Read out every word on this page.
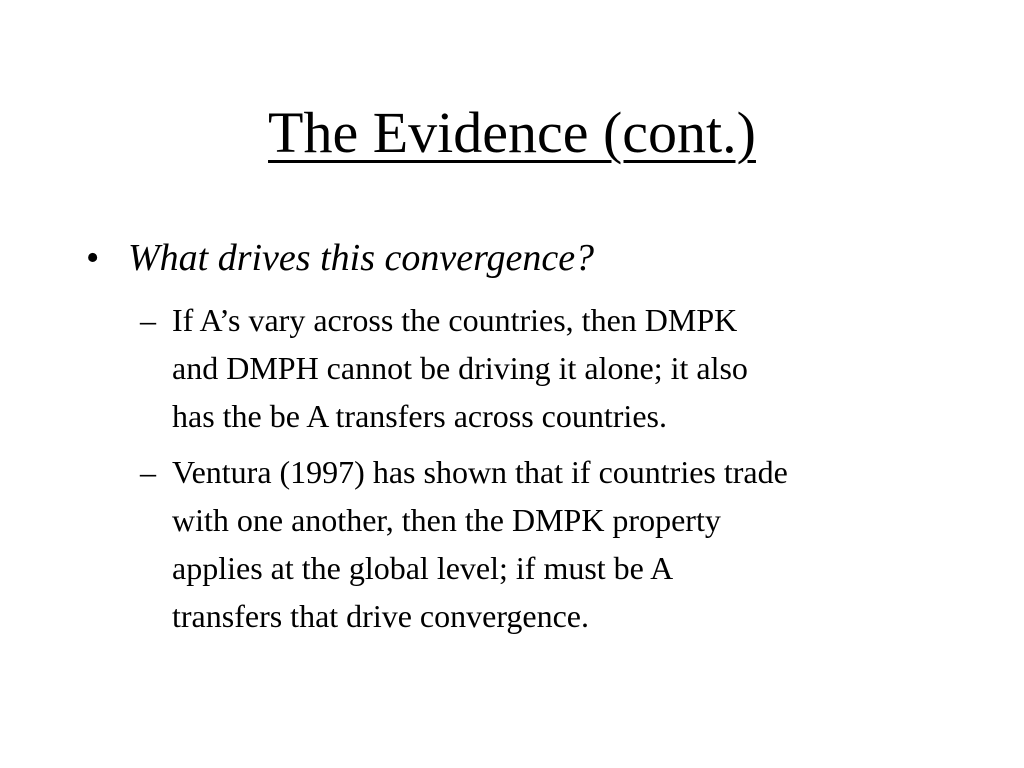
The Evidence (cont.)
• What drives this convergence?
– If A’s vary across the countries, then DMPK
and DMPH cannot be driving it alone; it also
has the be A transfers across countries.
– Ventura (1997) has shown that if countries trade
with one another, then the DMPK property
applies at the global level; if must be A
transfers that drive convergence.
